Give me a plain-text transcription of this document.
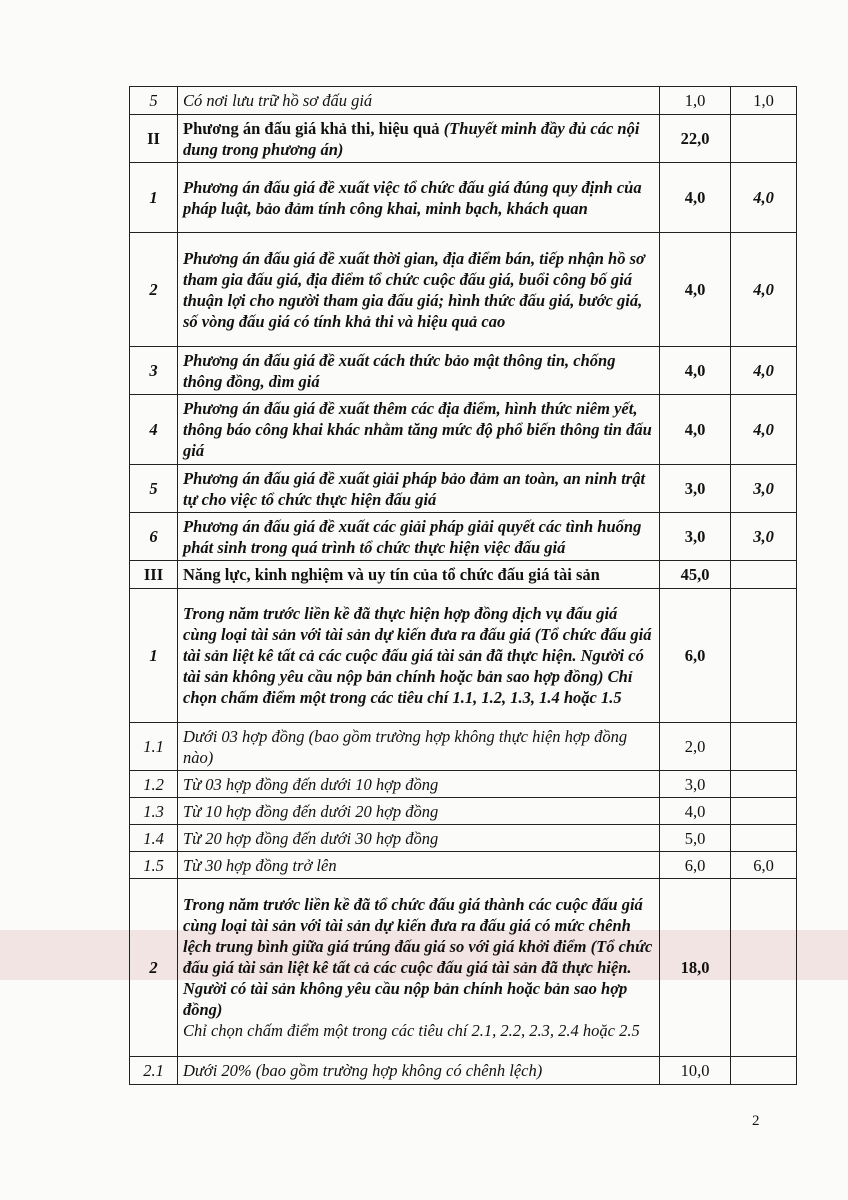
5	Có nơi lưu trữ hồ sơ đấu giá	1,0	1,0
II	Phương án đấu giá khả thi, hiệu quả (Thuyết minh đầy đủ các nội dung trong phương án)	22,0	
1	Phương án đấu giá đề xuất việc tổ chức đấu giá đúng quy định của pháp luật, bảo đảm tính công khai, minh bạch, khách quan	4,0	4,0
2	Phương án đấu giá đề xuất thời gian, địa điểm bán, tiếp nhận hồ sơ tham gia đấu giá, địa điểm tổ chức cuộc đấu giá, buổi công bố giá thuận lợi cho người tham gia đấu giá; hình thức đấu giá, bước giá, số vòng đấu giá có tính khả thi và hiệu quả cao	4,0	4,0
3	Phương án đấu giá đề xuất cách thức bảo mật thông tin, chống thông đồng, dìm giá	4,0	4,0
4	Phương án đấu giá đề xuất thêm các địa điểm, hình thức niêm yết, thông báo công khai khác nhằm tăng mức độ phổ biến thông tin đấu giá	4,0	4,0
5	Phương án đấu giá đề xuất giải pháp bảo đảm an toàn, an ninh trật tự cho việc tổ chức thực hiện đấu giá	3,0	3,0
6	Phương án đấu giá đề xuất các giải pháp giải quyết các tình huống phát sinh trong quá trình tổ chức thực hiện việc đấu giá	3,0	3,0
III	Năng lực, kinh nghiệm và uy tín của tổ chức đấu giá tài sản	45,0	
1	Trong năm trước liền kề đã thực hiện hợp đồng dịch vụ đấu giá cùng loại tài sản với tài sản dự kiến đưa ra đấu giá (Tổ chức đấu giá tài sản liệt kê tất cả các cuộc đấu giá tài sản đã thực hiện. Người có tài sản không yêu cầu nộp bản chính hoặc bản sao hợp đồng) Chỉ chọn chấm điểm một trong các tiêu chí 1.1, 1.2, 1.3, 1.4 hoặc 1.5	6,0	
1.1	Dưới 03 hợp đồng (bao gồm trường hợp không thực hiện hợp đồng nào)	2,0	
1.2	Từ 03 hợp đồng đến dưới 10 hợp đồng	3,0	
1.3	Từ 10 hợp đồng đến dưới 20 hợp đồng	4,0	
1.4	Từ 20 hợp đồng đến dưới 30 hợp đồng	5,0	
1.5	Từ 30 hợp đồng trở lên	6,0	6,0
2	Trong năm trước liền kề đã tổ chức đấu giá thành các cuộc đấu giá cùng loại tài sản với tài sản dự kiến đưa ra đấu giá có mức chênh lệch trung bình giữa giá trúng đấu giá so với giá khởi điểm (Tổ chức đấu giá tài sản liệt kê tất cả các cuộc đấu giá tài sản đã thực hiện. Người có tài sản không yêu cầu nộp bản chính hoặc bản sao hợp đồng)
Chỉ chọn chấm điểm một trong các tiêu chí 2.1, 2.2, 2.3, 2.4 hoặc 2.5	18,0	
2.1	Dưới 20% (bao gồm trường hợp không có chênh lệch)	10,0	
2
